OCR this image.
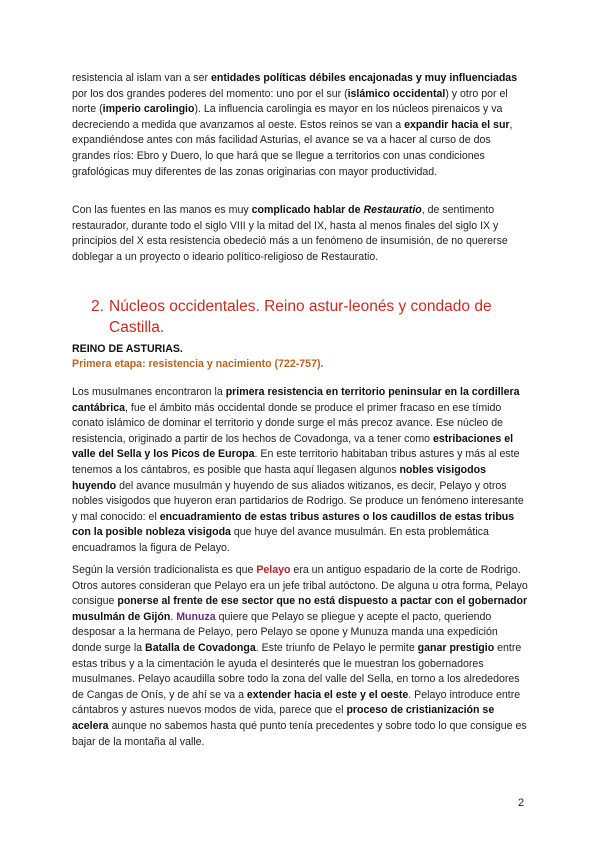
resistencia al islam van a ser entidades políticas débiles encajonadas y muy influenciadas por los dos grandes poderes del momento: uno por el sur (islámico occidental) y otro por el norte (imperio carolingio). La influencia carolingia es mayor en los núcleos pirenaicos y va decreciendo a medida que avanzamos al oeste. Estos reinos se van a expandir hacia el sur, expandiéndose antes con más facilidad Asturias, el avance se va a hacer al curso de dos grandes ríos: Ebro y Duero, lo que hará que se llegue a territorios con unas condiciones grafológicas muy diferentes de las zonas originarias con mayor productividad.

Con las fuentes en las manos es muy complicado hablar de Restauratio, de sentimento restaurador, durante todo el siglo VIII y la mitad del IX, hasta al menos finales del siglo IX y principios del X esta resistencia obedeció más a un fenómeno de insumisión, de no quererse doblegar a un proyecto o ideario político-religioso de Restauratio.

2. Núcleos occidentales. Reino astur-leonés y condado de
Castilla.
REINO DE ASTURIAS.
Primera etapa: resistencia y nacimiento (722-757).

Los musulmanes encontraron la primera resistencia en territorio peninsular en la cordillera cantábrica, fue el ámbito más occidental donde se produce el primer fracaso en ese tímido conato islámico de dominar el territorio y donde surge el más precoz avance. Ese núcleo de resistencia, originado a partir de los hechos de Covadonga, va a tener como estribaciones el valle del Sella y los Picos de Europa. En este territorio habitaban tribus astures y más al este tenemos a los cántabros, es posible que hasta aquí llegasen algunos nobles visigodos huyendo del avance musulmán y huyendo de sus aliados witizanos, es decir, Pelayo y otros nobles visigodos que huyeron eran partidarios de Rodrigo. Se produce un fenómeno interesante y mal conocido: el encuadramiento de estas tribus astures o los caudillos de estas tribus con la posible nobleza visigoda que huye del avance musulmán. En esta problemática encuadramos la figura de Pelayo.

Según la versión tradicionalista es que Pelayo era un antiguo espadario de la corte de Rodrigo. Otros autores consideran que Pelayo era un jefe tribal autóctono. De alguna u otra forma, Pelayo consigue ponerse al frente de ese sector que no está dispuesto a pactar con el gobernador musulmán de Gijón. Munuza quiere que Pelayo se pliegue y acepte el pacto, queriendo desposar a la hermana de Pelayo, pero Pelayo se opone y Munuza manda una expedición donde surge la Batalla de Covadonga. Este triunfo de Pelayo le permite ganar prestigio entre estas tribus y a la cimentación le ayuda el desinterés que le muestran los gobernadores musulmanes. Pelayo acaudilla sobre todo la zona del valle del Sella, en torno a los alrededores de Cangas de Onís, y de ahí se va a extender hacia el este y el oeste. Pelayo introduce entre cántabros y astures nuevos modos de vida, parece que el proceso de cristianización se acelera aunque no sabemos hasta qué punto tenía precedentes y sobre todo lo que consigue es bajar de la montaña al valle.

2
